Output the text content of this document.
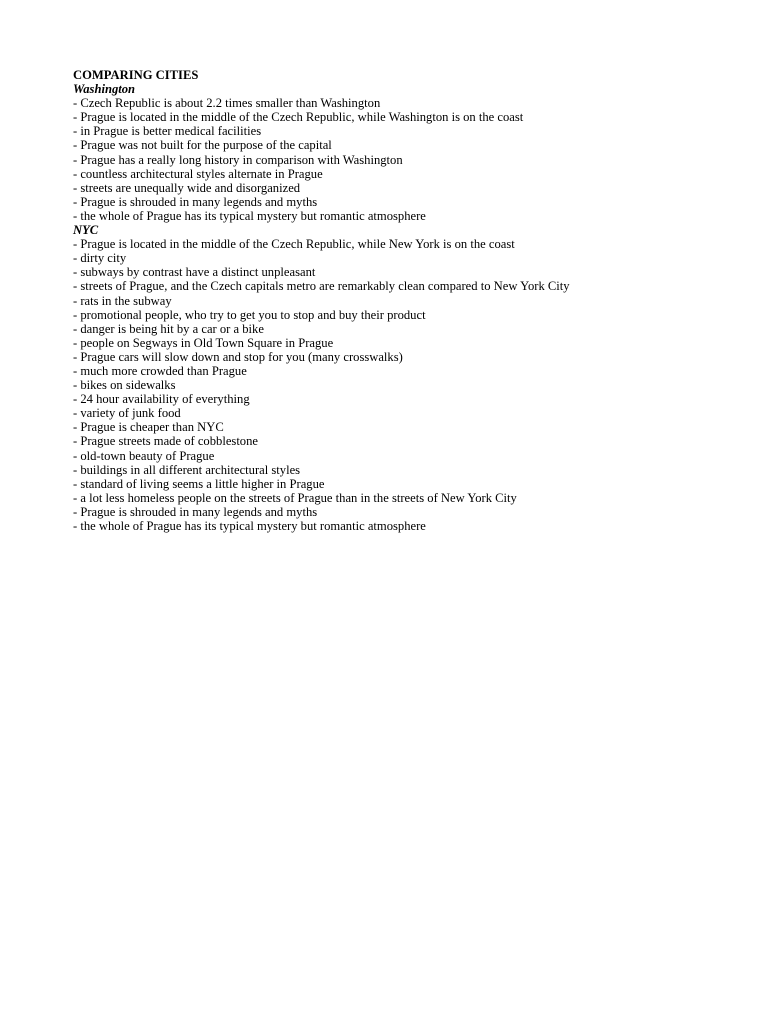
COMPARING CITIES
Washington
- Czech Republic is about 2.2 times smaller than Washington
- Prague is located in the middle of the Czech Republic, while Washington is on the coast
- in Prague is better medical facilities
- Prague was not built for the purpose of the capital
- Prague has a really long history in comparison with Washington
- countless architectural styles alternate in Prague
- streets are unequally wide and disorganized
- Prague is shrouded in many legends and myths
- the whole of Prague has its typical mystery but romantic atmosphere
NYC
- Prague is located in the middle of the Czech Republic, while New York is on the coast
- dirty city
- subways by contrast have a distinct unpleasant
- streets of Prague, and the Czech capitals metro are remarkably clean compared to New York City
- rats in the subway
- promotional people, who try to get you to stop and buy their product
- danger is being hit by a car or a bike
- people on Segways in Old Town Square in Prague
- Prague cars will slow down and stop for you (many crosswalks)
- much more crowded than Prague
- bikes on sidewalks
- 24 hour availability of everything
- variety of junk food
- Prague is cheaper than NYC
- Prague streets made of cobblestone
- old-town beauty of Prague
- buildings in all different architectural styles
- standard of living seems a little higher in Prague
- a lot less homeless people on the streets of Prague than in the streets of New York City
- Prague is shrouded in many legends and myths
- the whole of Prague has its typical mystery but romantic atmosphere
